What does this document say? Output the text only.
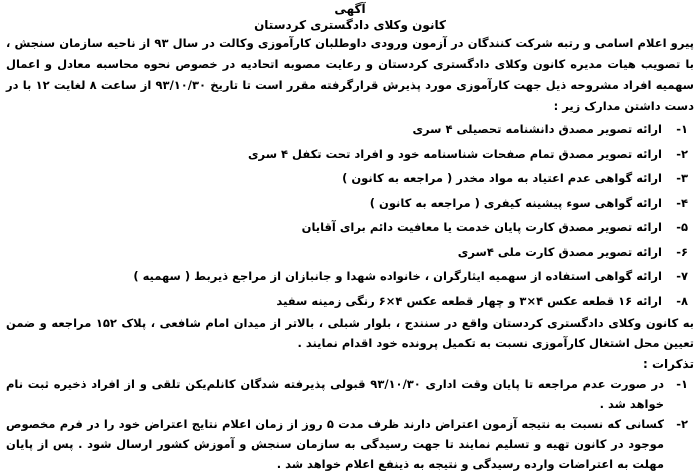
آگهی
کانون وکلای دادگستری کردستان

پیرو اعلام اسامی و رتبه شرکت کنندگان در آزمون ورودی داوطلبان کارآموزی وکالت در سال ۹۳ از ناحیه سازمان سنجش ، با تصویب هیات مدیره کانون وکلای دادگستری کردستان و رعایت مصوبه اتحادیه در خصوص نحوه محاسبه معادل و اعمال سهمیه افراد مشروحه ذیل جهت کارآموزی مورد پذیرش قرارگرفته مقرر است تا تاریخ ۹۳/۱۰/۳۰ از ساعت ۸ لغایت ۱۲ با در دست داشتن مدارک زیر :

۱-ارائه تصویر مصدق دانشنامه تحصیلی ۴ سری
۲-ارائه تصویر مصدق تمام صفحات شناسنامه خود و افراد تحت تکفل ۴ سری
۳-ارائه گواهی عدم اعتیاد به مواد مخدر ( مراجعه به کانون )
۴-ارائه گواهی سوء پیشینه کیفری ( مراجعه به کانون )
۵-ارائه تصویر مصدق کارت پایان خدمت یا معافیت دائم برای آقایان
۶-ارائه تصویر مصدق کارت ملی ۴سری
۷-ارائه گواهی استفاده از سهمیه ایثارگران ، خانواده شهدا و جانبازان از مراجع ذیربط ( سهمیه )
۸-ارائه ۱۶ قطعه عکس ۴×۳ و چهار قطعه عکس ۴×۶ رنگی زمینه سفید

به کانون وکلای دادگستری کردستان واقع در سنندج ، بلوار شبلی ، بالاتر از میدان امام شافعی ، پلاک ۱۵۲ مراجعه و ضمن تعیین محل اشتغال کارآموزی نسبت به تکمیل پرونده خود اقدام نمایند .

تذکرات :
۱-
در صورت عدم مراجعه تا پایان وقت اداری ۹۳/۱۰/۳۰ قبولی پذیرفته شدگان کانلم‌یکن تلقی و از افراد ذخیره ثبت نام خواهد شد .
۲-
کسانی که نسبت به نتیجه آزمون اعتراض دارند ظرف مدت ۵ روز از زمان اعلام نتایج اعتراض خود را در فرم مخصوص موجود در کانون تهیه و تسلیم نمایند تا جهت رسیدگی به سازمان سنجش و آموزش کشور ارسال شود . پس از پایان مهلت به اعتراضات وارده رسیدگی و نتیجه به ذینفع اعلام خواهد شد .
